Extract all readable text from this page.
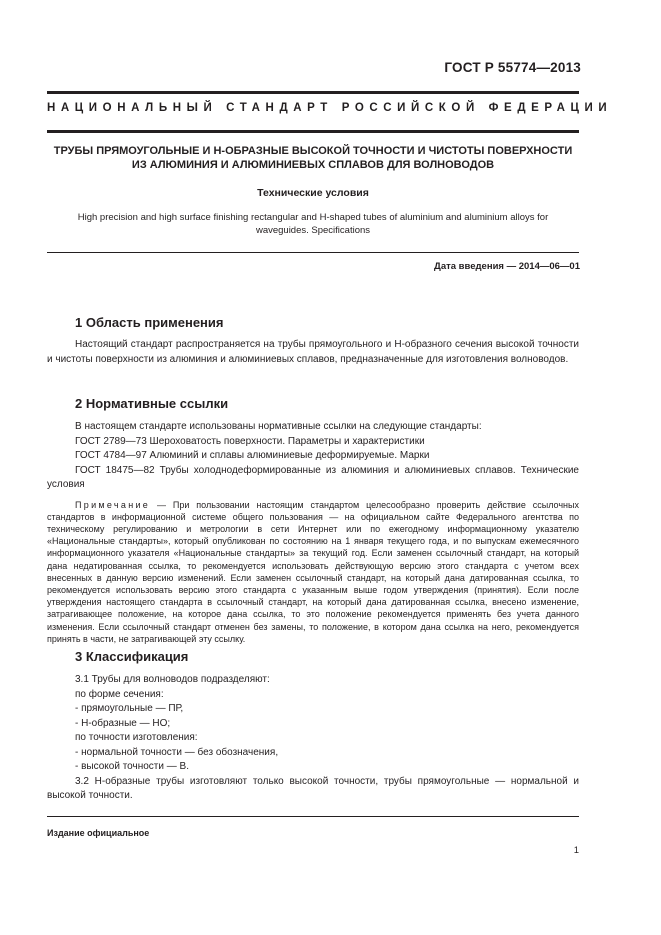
ГОСТ Р 55774—2013
НАЦИОНАЛЬНЫЙ СТАНДАРТ РОССИЙСКОЙ ФЕДЕРАЦИИ
ТРУБЫ ПРЯМОУГОЛЬНЫЕ И Н-ОБРАЗНЫЕ ВЫСОКОЙ ТОЧНОСТИ И ЧИСТОТЫ ПОВЕРХНОСТИ
ИЗ АЛЮМИНИЯ И АЛЮМИНИЕВЫХ СПЛАВОВ ДЛЯ ВОЛНОВОДОВ
Технические условия
High precision and high surface finishing rectangular and H-shaped tubes of aluminium and aluminium alloys for
waveguides. Specifications
Дата введения — 2014—06—01
1 Область применения
Настоящий стандарт распространяется на трубы прямоугольного и Н-образного сечения высокой точности и чистоты поверхности из алюминия и алюминиевых сплавов, предназначенные для изготовления волноводов.
2 Нормативные ссылки
В настоящем стандарте использованы нормативные ссылки на следующие стандарты:
ГОСТ 2789—73 Шероховатость поверхности. Параметры и характеристики
ГОСТ 4784—97 Алюминий и сплавы алюминиевые деформируемые. Марки
ГОСТ 18475—82 Трубы холоднодеформированные из алюминия и алюминиевых сплавов. Технические условия
Примечание — При пользовании настоящим стандартом целесообразно проверить действие ссылочных стандартов в информационной системе общего пользования — на официальном сайте Федерального агентства по техническому регулированию и метрологии в сети Интернет или по ежегодному информационному указателю «Национальные стандарты», который опубликован по состоянию на 1 января текущего года, и по выпускам ежемесячного информационного указателя «Национальные стандарты» за текущий год. Если заменен ссылочный стандарт, на который дана недатированная ссылка, то рекомендуется использовать действующую версию этого стандарта с учетом всех внесенных в данную версию изменений. Если заменен ссылочный стандарт, на который дана датированная ссылка, то рекомендуется использовать версию этого стандарта с указанным выше годом утверждения (принятия). Если после утверждения настоящего стандарта в ссылочный стандарт, на который дана датированная ссылка, внесено изменение, затрагивающее положение, на которое дана ссылка, то это положение рекомендуется применять без учета данного изменения. Если ссылочный стандарт отменен без замены, то положение, в котором дана ссылка на него, рекомендуется принять в части, не затрагивающей эту ссылку.
3 Классификация
3.1 Трубы для волноводов подразделяют:
по форме сечения:
- прямоугольные — ПР,
- Н-образные — НО;
по точности изготовления:
- нормальной точности — без обозначения,
- высокой точности — В.
3.2 Н-образные трубы изготовляют только высокой точности, трубы прямоугольные — нормальной и высокой точности.
Издание официальное
1
